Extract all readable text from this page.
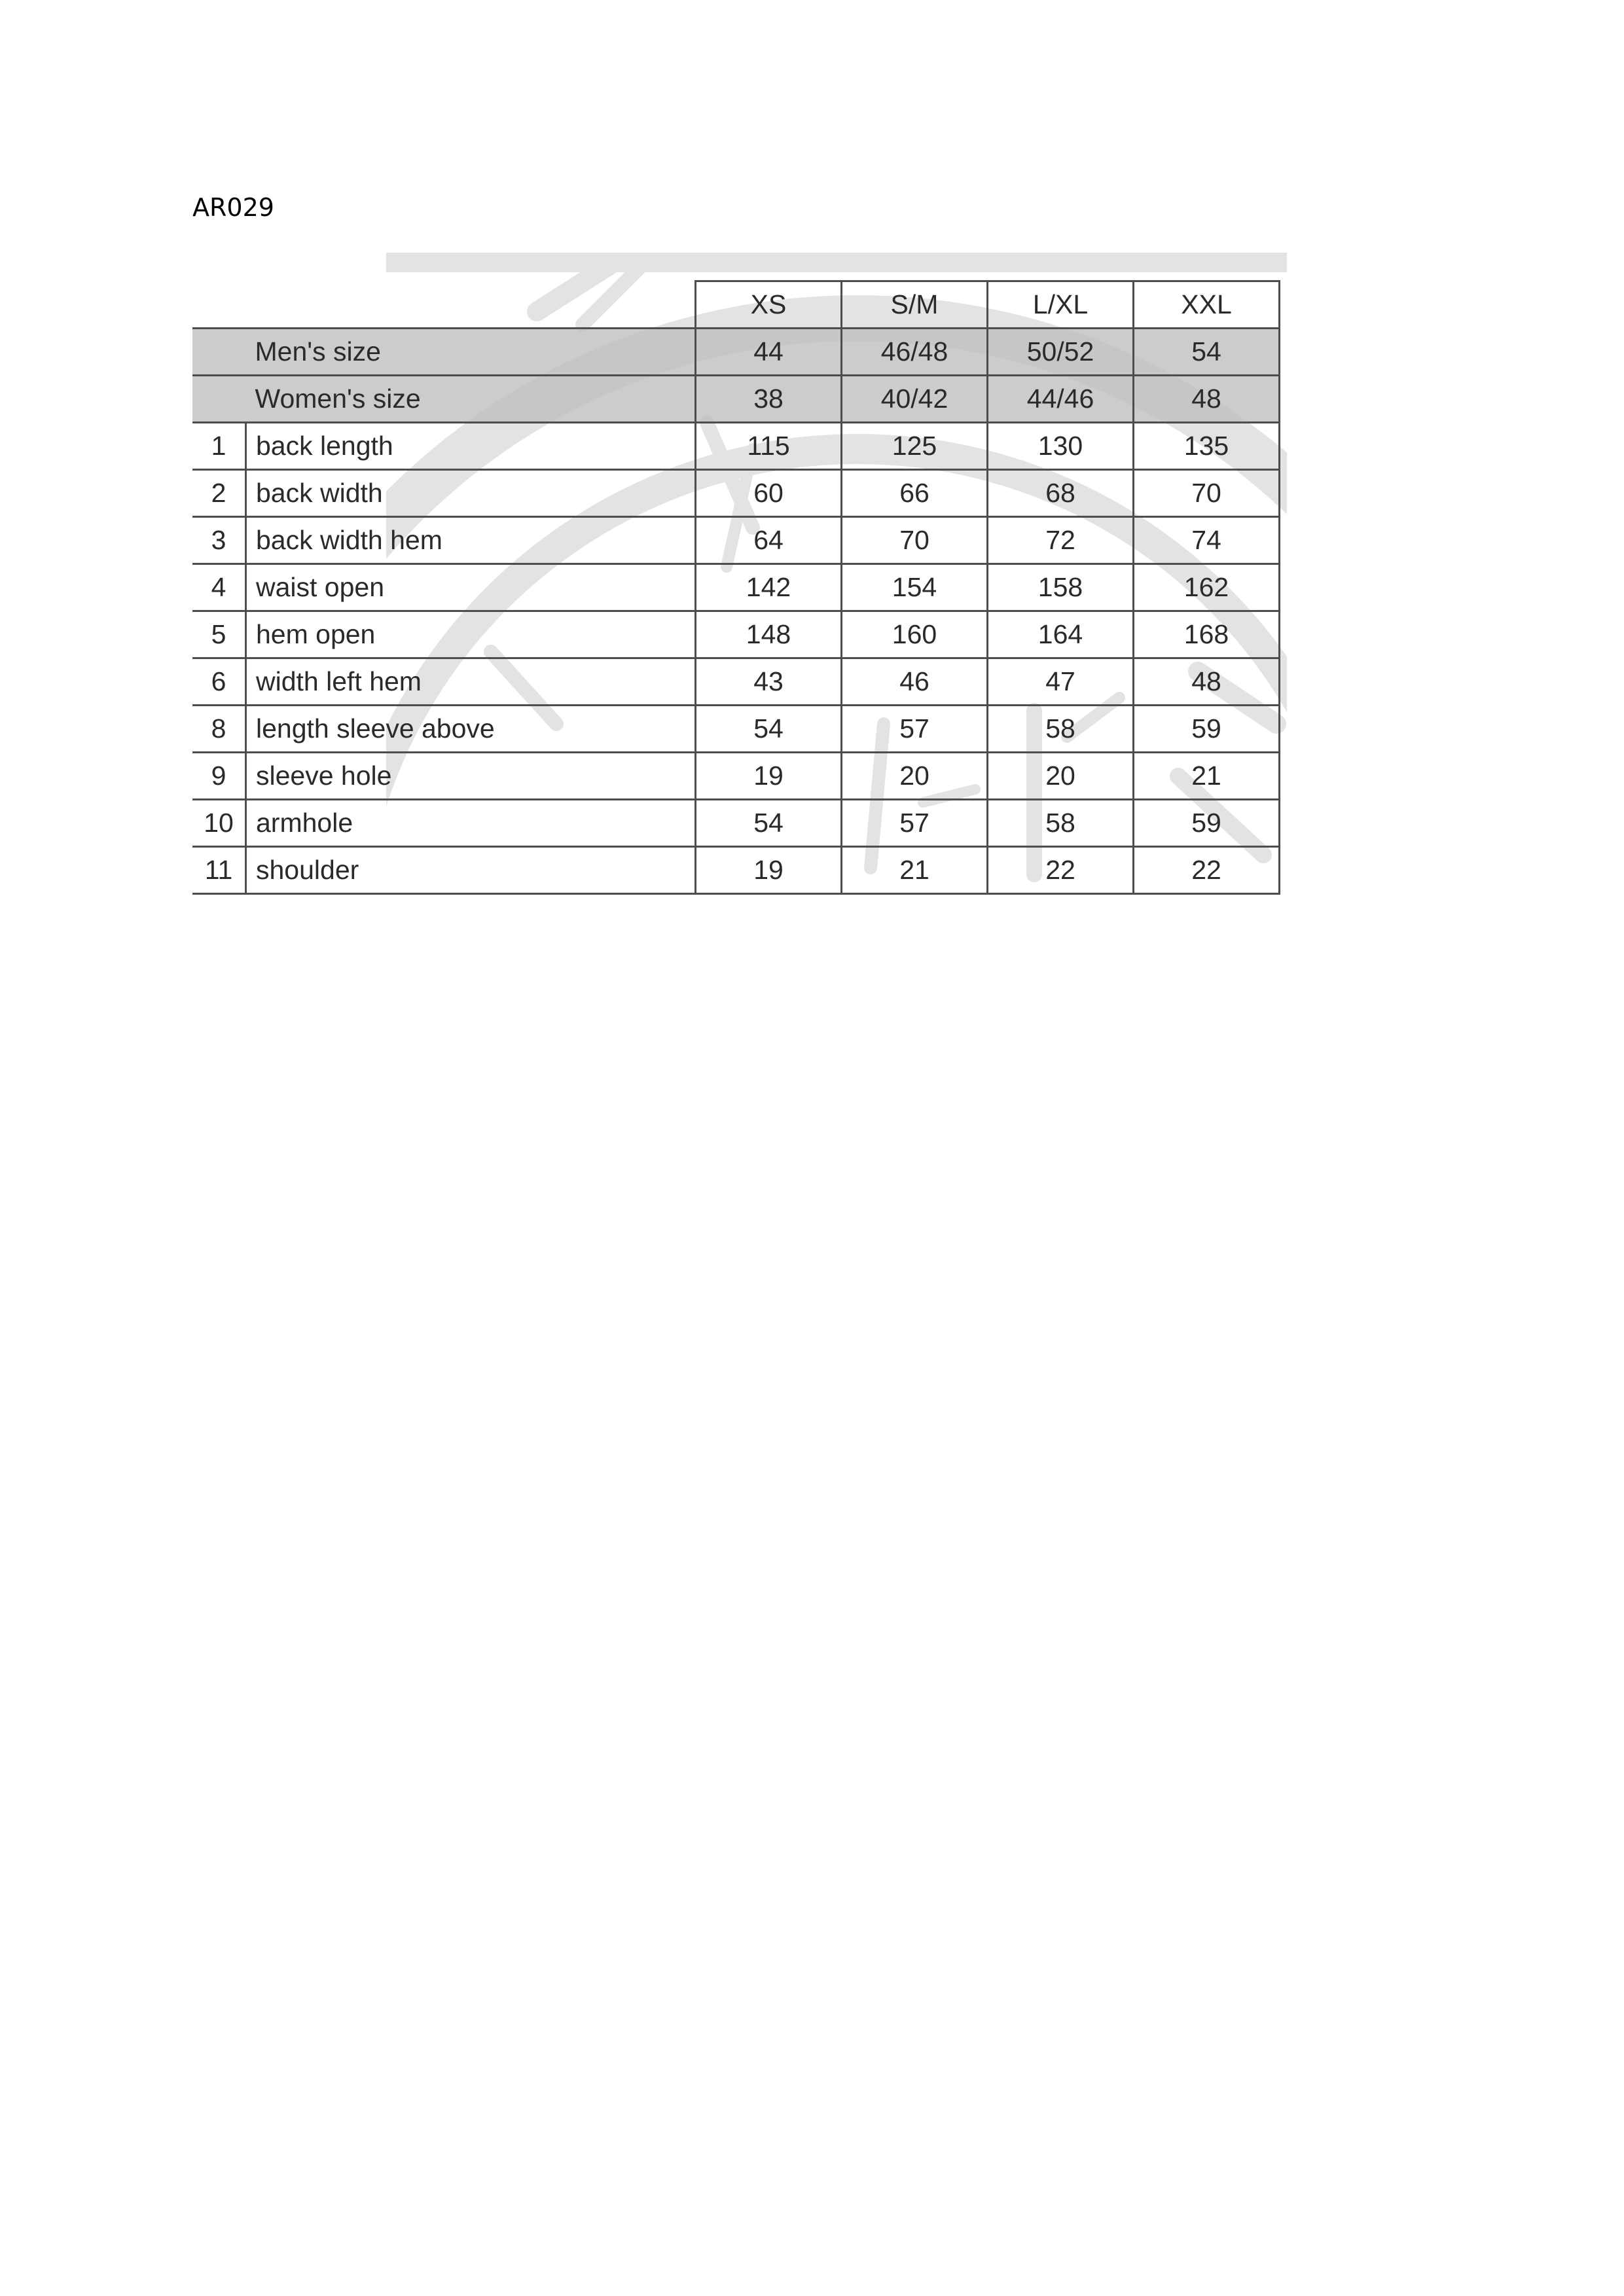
AR029
		XS	S/M	L/XL	XXL
	Men's size	44	46/48	50/52	54
	Women's size	38	40/42	44/46	48
1	back length	115	125	130	135
2	back width	60	66	68	70
3	back width hem	64	70	72	74
4	waist open	142	154	158	162
5	hem open	148	160	164	168
6	width left hem	43	46	47	48
8	length sleeve above	54	57	58	59
9	sleeve hole	19	20	20	21
10	armhole	54	57	58	59
11	shoulder	19	21	22	22
